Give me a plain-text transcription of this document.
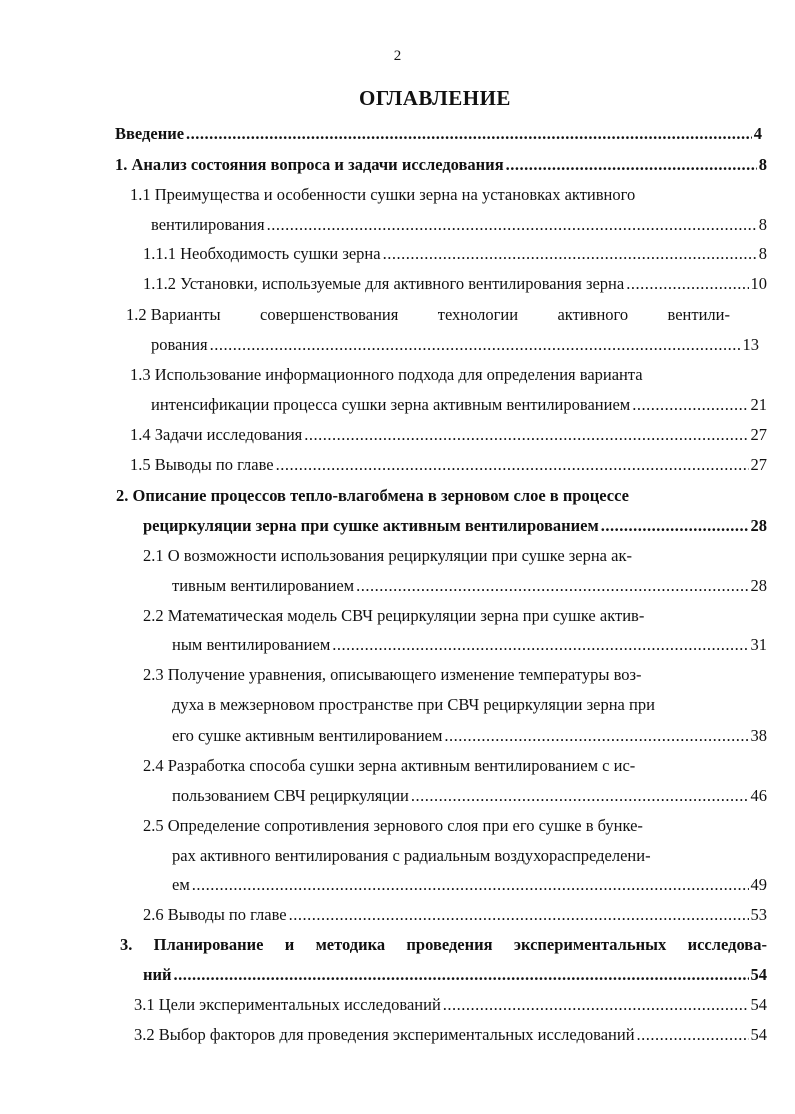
2
ОГЛАВЛЕНИЕ
Введение .....	4
1. Анализ состояния вопроса и задачи исследования .....	8
1.1 Преимущества и особенности сушки зерна на установках активного
вентилирования .....	8
1.1.1 Необходимость сушки зерна .....	8
1.1.2 Установки, используемые для активного вентилирования зерна .....	10
1.2 Варианты совершенствования технологии активного вентили-
рования .....	13
1.3 Использование информационного подхода для определения варианта
интенсификации процесса сушки зерна активным вентилированием .....	21
1.4 Задачи исследования .....	27
1.5 Выводы по главе .....	27
2. Описание процессов тепло-влагобмена в зерновом слое в процессе
рециркуляции зерна при сушке активным вентилированием .....	28
2.1 О возможности использования рециркуляции при сушке зерна ак-
тивным вентилированием .....	28
2.2 Математическая модель СВЧ рециркуляции зерна при сушке актив-
ным вентилированием .....	31
2.3 Получение уравнения, описывающего изменение температуры воз-
духа в межзерновом пространстве при СВЧ рециркуляции зерна при
его сушке активным вентилированием .....	38
2.4 Разработка способа сушки зерна активным вентилированием с ис-
пользованием СВЧ рециркуляции .....	46
2.5 Определение сопротивления зернового слоя при его сушке в бунке-
рах активного вентилирования с радиальным воздухораспределени-
ем .....	49
2.6 Выводы по главе .....	53
3. Планирование и методика проведения экспериментальных исследова-
ний .....	54
3.1 Цели экспериментальных исследований .....	54
3.2 Выбор факторов для проведения экспериментальных исследований .....	54
